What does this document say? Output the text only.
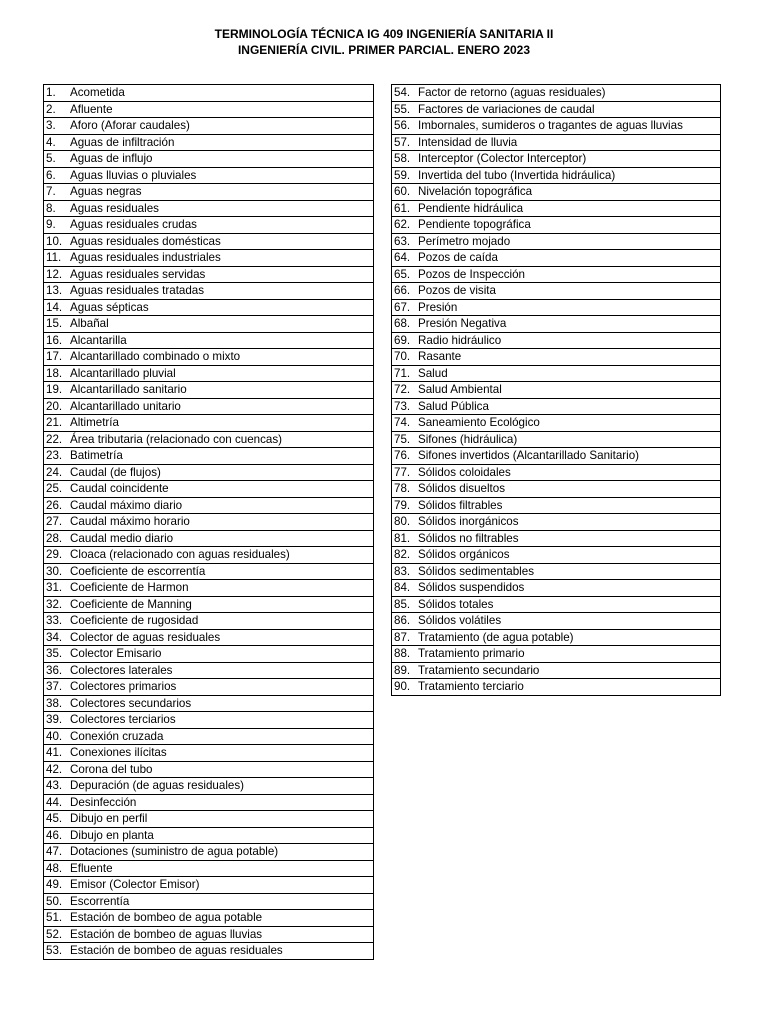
TERMINOLOGÍA TÉCNICA IG 409 INGENIERÍA SANITARIA II
INGENIERÍA CIVIL. PRIMER PARCIAL. ENERO 2023
1. Acometida
2. Afluente
3. Aforo (Aforar caudales)
4. Aguas de infiltración
5. Aguas de influjo
6. Aguas lluvias o pluviales
7. Aguas negras
8. Aguas residuales
9. Aguas residuales crudas
10. Aguas residuales domésticas
11. Aguas residuales industriales
12. Aguas residuales servidas
13. Aguas residuales tratadas
14. Aguas sépticas
15. Albañal
16. Alcantarilla
17. Alcantarillado combinado o mixto
18. Alcantarillado pluvial
19. Alcantarillado sanitario
20. Alcantarillado unitario
21. Altimetría
22. Área tributaria (relacionado con cuencas)
23. Batimetría
24. Caudal (de flujos)
25. Caudal coincidente
26. Caudal máximo diario
27. Caudal máximo horario
28. Caudal medio diario
29. Cloaca (relacionado con aguas residuales)
30. Coeficiente de escorrentía
31. Coeficiente de Harmon
32. Coeficiente de Manning
33. Coeficiente de rugosidad
34. Colector de aguas residuales
35. Colector Emisario
36. Colectores laterales
37. Colectores primarios
38. Colectores secundarios
39. Colectores terciarios
40. Conexión cruzada
41. Conexiones ilícitas
42. Corona del tubo
43. Depuración (de aguas residuales)
44. Desinfección
45. Dibujo en perfil
46. Dibujo en planta
47. Dotaciones (suministro de agua potable)
48. Efluente
49. Emisor (Colector Emisor)
50. Escorrentía
51. Estación de bombeo de agua potable
52. Estación de bombeo de aguas lluvias
53. Estación de bombeo de aguas residuales
54. Factor de retorno (aguas residuales)
55. Factores de variaciones de caudal
56. Imbornales, sumideros o tragantes de aguas lluvias
57. Intensidad de lluvia
58. Interceptor (Colector Interceptor)
59. Invertida del tubo (Invertida hidráulica)
60. Nivelación topográfica
61. Pendiente hidráulica
62. Pendiente topográfica
63. Perímetro mojado
64. Pozos de caída
65. Pozos de Inspección
66. Pozos de visita
67. Presión
68. Presión Negativa
69. Radio hidráulico
70. Rasante
71. Salud
72. Salud Ambiental
73. Salud Pública
74. Saneamiento Ecológico
75. Sifones (hidráulica)
76. Sifones invertidos (Alcantarillado Sanitario)
77. Sólidos coloidales
78. Sólidos disueltos
79. Sólidos filtrables
80. Sólidos inorgánicos
81. Sólidos no filtrables
82. Sólidos orgánicos
83. Sólidos sedimentables
84. Sólidos suspendidos
85. Sólidos totales
86. Sólidos volátiles
87. Tratamiento (de agua potable)
88. Tratamiento primario
89. Tratamiento secundario
90. Tratamiento terciario
